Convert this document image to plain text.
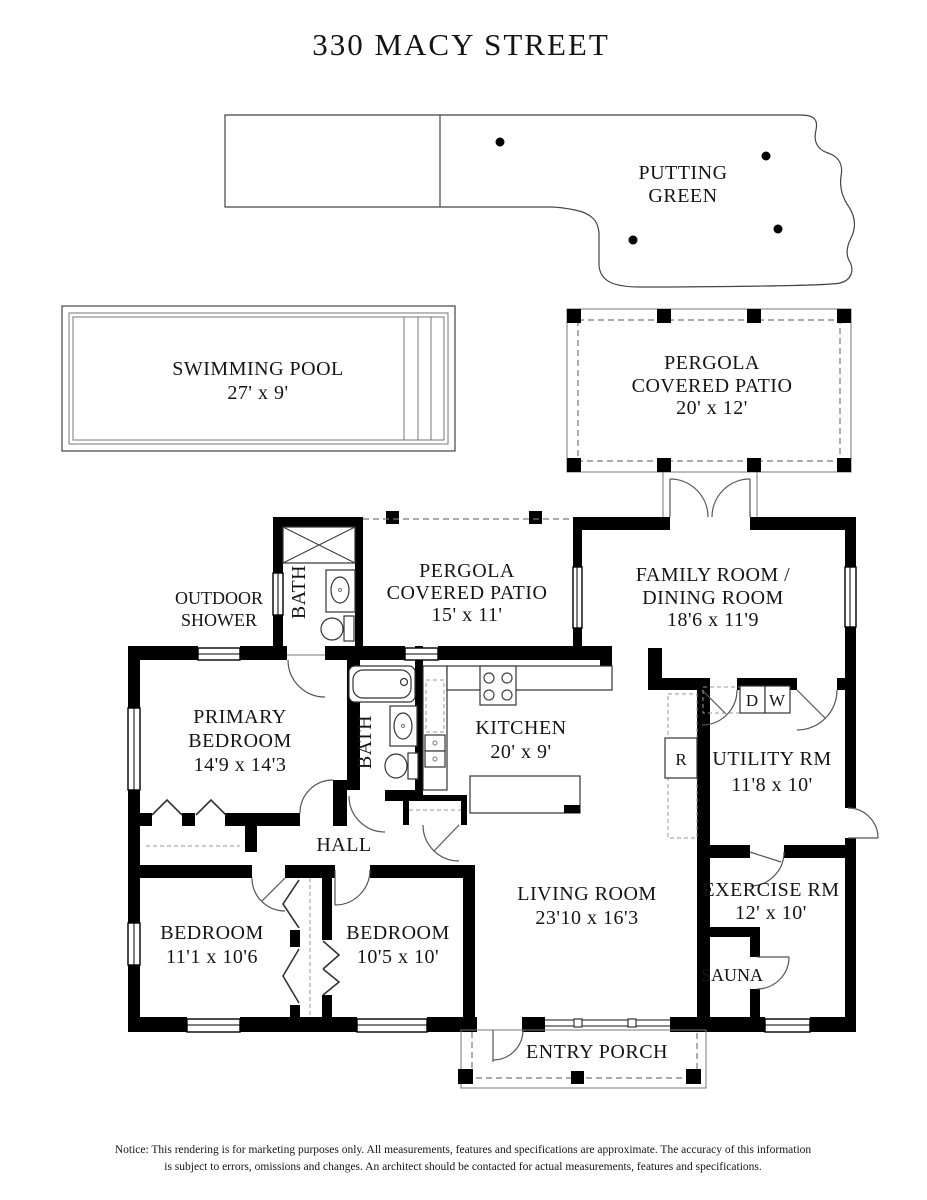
330 MACY STREET
PUTTING
GREEN
SWIMMING POOL
27' x 9'
PERGOLA
COVERED PATIO
20' x 12'
OUTDOOR
SHOWER
PERGOLA
COVERED PATIO
15' x 11'
FAMILY ROOM /
DINING ROOM
18'6 x 11'9
BATH
BATH
PRIMARY
BEDROOM
14'9 x 14'3
KITCHEN
20' x 9'	UTILITY RM
11'8 x 10'
D W
R
HALL
LIVING ROOM
23'10 x 16'3
EXERCISE RM
12' x 10'
BEDROOM
11'1 x 10'6
BEDROOM
10'5 x 10'
SAUNA
ENTRY PORCH
Notice: This rendering is for marketing purposes only. All measurements, features and specifications are approximate. The accuracy of this information
is subject to errors, omissions and changes. An architect should be contacted for actual measurements, features and specifications.
